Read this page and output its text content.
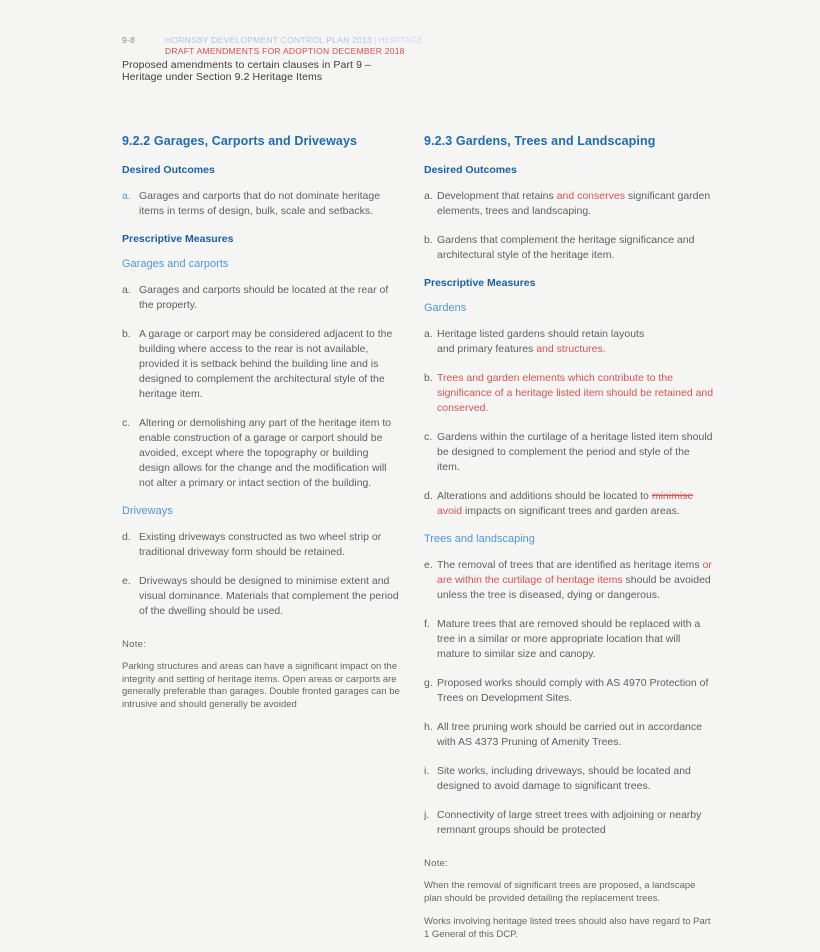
9-8	HORNSBY DEVELOPMENT CONTROL PLAN 2013 | HERITAGE
DRAFT AMENDMENTS FOR ADOPTION DECEMBER 2018
Proposed amendments to certain clauses in Part 9 –
Heritage under Section 9.2 Heritage Items
9.2.2 Garages, Carports and Driveways
Desired Outcomes

a. Garages and carports that do not dominate heritage items in terms of design, bulk, scale and setbacks.

Prescriptive Measures
Garages and carports

a. Garages and carports should be located at the rear of the property.

b. A garage or carport may be considered adjacent to the building where access to the rear is not available, provided it is setback behind the building line and is designed to complement the architectural style of the heritage item.

c. Altering or demolishing any part of the heritage item to enable construction of a garage or carport should be avoided, except where the topography or building design allows for the change and the modification will not alter a primary or intact section of the building.

Driveways

d. Existing driveways constructed as two wheel strip or traditional driveway form should be retained.

e. Driveways should be designed to minimise extent and visual dominance. Materials that complement the period of the dwelling should be used.

Note:

Parking structures and areas can have a significant impact on the integrity and setting of heritage items. Open areas or carports are generally preferable than garages. Double fronted garages can be intrusive and should generally be avoided

9.2.3 Gardens, Trees and Landscaping
Desired Outcomes

a. Development that retains and conserves significant garden elements, trees and landscaping.

b. Gardens that complement the heritage significance and architectural style of the heritage item.

Prescriptive Measures
Gardens

a. Heritage listed gardens should retain layouts
and primary features and structures.

b. Trees and garden elements which contribute to the significance of a heritage listed item should be retained and conserved.

c. Gardens within the curtilage of a heritage listed item should be designed to complement the period and style of the item.

d. Alterations and additions should be located to minimise
avoid impacts on significant trees and garden areas.

Trees and landscaping

e. The removal of trees that are identified as heritage items or are within the curtilage of heritage items should be avoided unless the tree is diseased, dying or dangerous.

f. Mature trees that are removed should be replaced with a tree in a similar or more appropriate location that will mature to similar size and canopy.

g. Proposed works should comply with AS 4970 Protection of Trees on Development Sites.

h. All tree pruning work should be carried out in accordance with AS 4373 Pruning of Amenity Trees.

i. Site works, including driveways, should be located and designed to avoid damage to significant trees.

j. Connectivity of large street trees with adjoining or nearby remnant groups should be protected

Note:

When the removal of significant trees are proposed, a landscape plan should be provided detailing the replacement trees.

Works involving heritage listed trees should also have regard to Part 1 General of this DCP.
